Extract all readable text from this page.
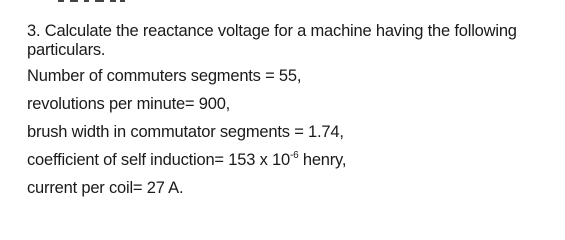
3. Calculate the reactance voltage for a machine having the following particulars.

Number of commuters segments = 55,
revolutions per minute= 900,
brush width in commutator segments = 1.74,
coefficient of self induction= 153 x $10^{-6}$ henry,
current per coil= 27 A.
